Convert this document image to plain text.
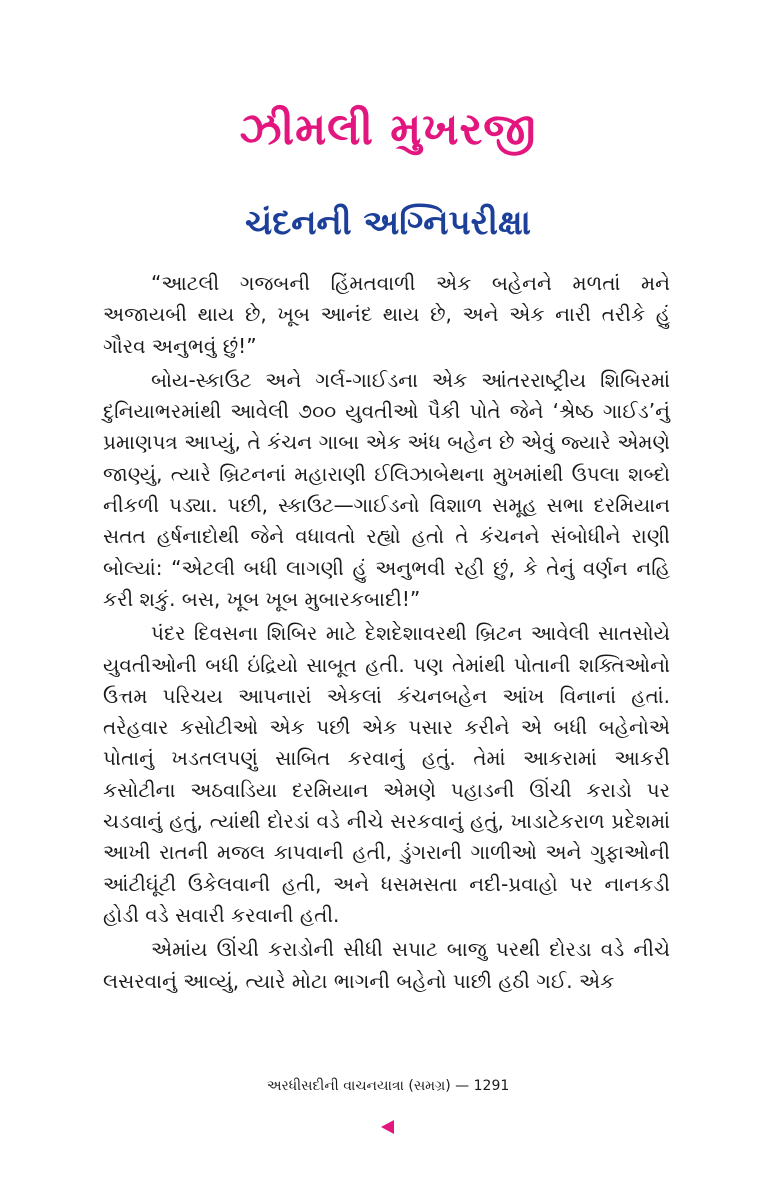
ઝીમલી મુખરજી
ચંદનની અગ્નિપરીક્ષા

“આટલી ગજબની હિંમતવાળી એક બહેનને મળતાં મને અજાયબી થાય છે, ખૂબ આનંદ થાય છે, અને એક નારી તરીકે હું ગૌરવ અનુભવું છું!”

બોય-સ્કાઉટ અને ગર્લ-ગાઈડના એક આંતરરાષ્ટ્રીય શિબિરમાં દુનિયાભરમાંથી આવેલી ૭૦૦ યુવતીઓ પૈકી પોતે જેને ‘શ્રેષ્ઠ ગાઈડ’નું પ્રમાણપત્ર આપ્યું, તે કંચન ગાબા એક અંધ બહેન છે એવું જ્યારે એમણે જાણ્યું, ત્યારે બ્રિટનનાં મહારાણી ઈલિઝાબેથના મુખમાંથી ઉપલા શબ્દો નીકળી પડ્યા. પછી, સ્કાઉટ—ગાઈડનો વિશાળ સમૂહ સભા દરમિયાન સતત હર્ષનાદોથી જેને વધાવતો રહ્યો હતો તે કંચનને સંબોધીને રાણી બોલ્યાં: “એટલી બધી લાગણી હું અનુભવી રહી છું, કે તેનું વર્ણન નહિ કરી શકું. બસ, ખૂબ ખૂબ મુબારકબાદી!”

પંદર દિવસના શિબિર માટે દેશદેશાવરથી બ્રિટન આવેલી સાતસોયે યુવતીઓની બધી ઇંદ્રિયો સાબૂત હતી. પણ તેમાંથી પોતાની શક્તિઓનો ઉત્તમ પરિચય આપનારાં એકલાં કંચનબહેન આંખ વિનાનાં હતાં. તરેહવાર કસોટીઓ એક પછી એક પસાર કરીને એ બધી બહેનોએ પોતાનું ખડતલપણું સાબિત કરવાનું હતું. તેમાં આકરામાં આકરી કસોટીના અઠવાડિયા દરમિયાન એમણે પહાડની ઊંચી કરાડો પર ચડવાનું હતું, ત્યાંથી દોરડાં વડે નીચે સરકવાનું હતું, ખાડાટેકરાળ પ્રદેશમાં આખી રાતની મજલ કાપવાની હતી, ડુંગરાની ગાળીઓ અને ગુફાઓની આંટીઘૂંટી ઉકેલવાની હતી, અને ધસમસતા નદી-પ્રવાહો પર નાનકડી હોડી વડે સવારી કરવાની હતી.

એમાંય ઊંચી કરાડોની સીધી સપાટ બાજુ પરથી દોરડા વડે નીચે લસરવાનું આવ્યું, ત્યારે મોટા ભાગની બહેનો પાછી હઠી ગઈ. એક

અરધીસદીની વાચનયાત્રા (સમગ્ર) — 1291
